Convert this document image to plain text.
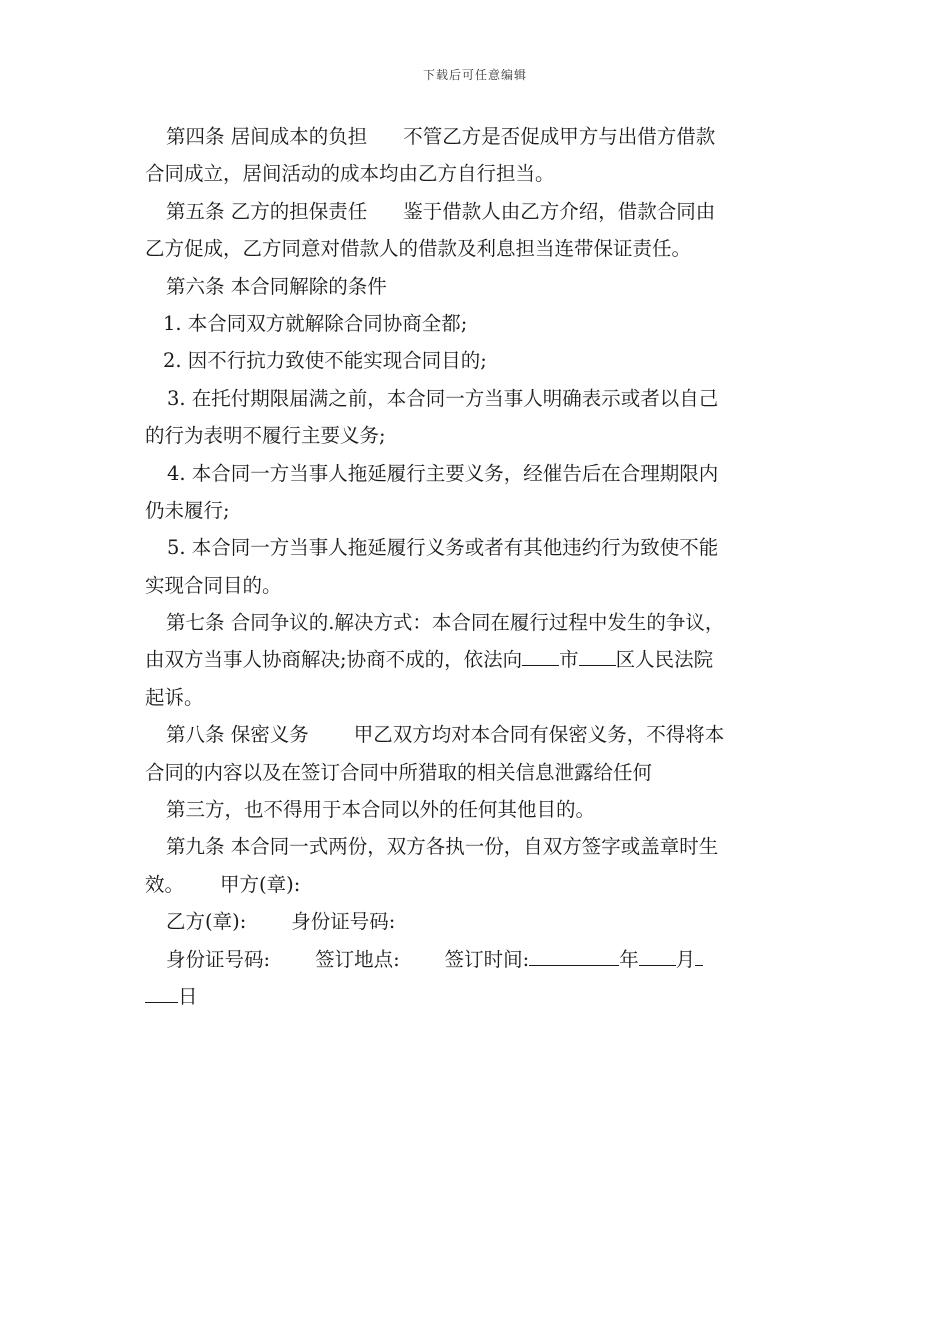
下载后可任意编辑
第四条 居间成本的负担 不管乙方是否促成甲方与出借方借款
合同成立，居间活动的成本均由乙方自行担当。
第五条 乙方的担保责任 鉴于借款人由乙方介绍，借款合同由
乙方促成，乙方同意对借款人的借款及利息担当连带保证责任。
第六条 本合同解除的条件
1. 本合同双方就解除合同协商全都;
2. 因不行抗力致使不能实现合同目的;
3. 在托付期限届满之前，本合同一方当事人明确表示或者以自己
的行为表明不履行主要义务;
4. 本合同一方当事人拖延履行主要义务，经催告后在合理期限内
仍未履行;
5. 本合同一方当事人拖延履行义务或者有其他违约行为致使不能
实现合同目的。
第七条 合同争议的.解决方式：本合同在履行过程中发生的争议，
由双方当事人协商解决;协商不成的，依法向 市 区人民法院
起诉。
第八条 保密义务 甲乙双方均对本合同有保密义务，不得将本
合同的内容以及在签订合同中所猎取的相关信息泄露给任何
第三方，也不得用于本合同以外的任何其他目的。
第九条 本合同一式两份，双方各执一份，自双方签字或盖章时生
效。 甲方(章):
乙方(章): 身份证号码:
身份证号码: 签订地点: 签订时间:	年 月
日
